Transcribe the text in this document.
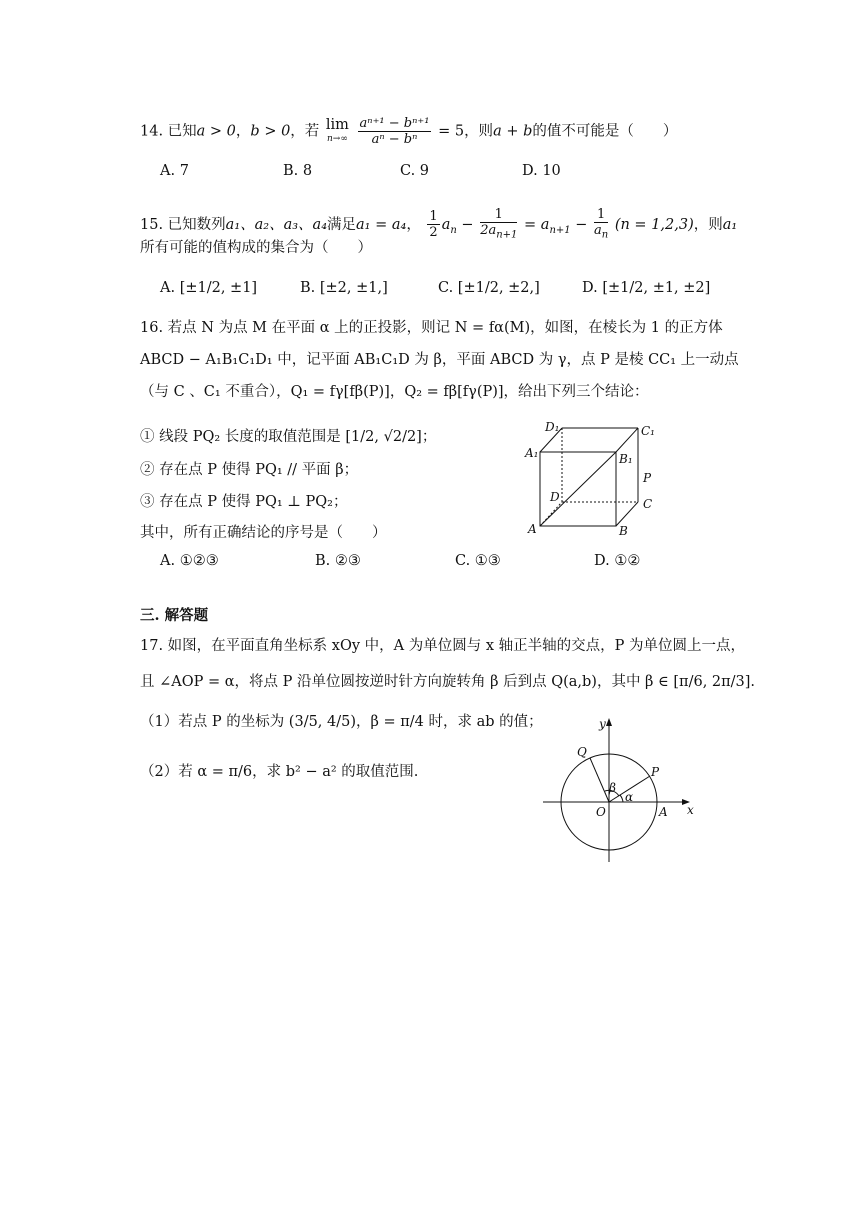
14. 已知a > 0，b > 0，若 lim
n→∞
$\frac{\text{aⁿ⁺¹ − bⁿ⁺¹}}{\text{aⁿ − bⁿ}} = 5$，则a + b的值不可能是（　　）
A. 7	B. 8	C. 9	D. 10
15. 已知数列a₁、a₂、a₃、a₄满足a₁ = a₄， $\frac{1}{2} a_n - \frac{1}{2a_{n+1}} = a_{n+1} - \frac{1}{a_n} (n = 1,2,3)$，则a₁
所有可能的值构成的集合为（　　）
A. [±1/2, ±1]	B. [±2, ±1,]	C. [±1/2, ±2,]	D. [±1/2, ±1, ±2]
16. 若点 N 为点 M 在平面 α 上的正投影，则记 N = fα(M)，如图，在棱长为 1 的正方体
ABCD − A₁B₁C₁D₁ 中，记平面 AB₁C₁D 为 β，平面 ABCD 为 γ，点 P 是棱 CC₁ 上一动点
（与 C 、C₁ 不重合），Q₁ = fγ[fβ(P)]，Q₂ = fβ[fγ(P)]，给出下列三个结论：
① 线段 PQ₂ 长度的取值范围是 [1/2, √2/2]；
② 存在点 P 使得 PQ₁ // 平面 β；
③ 存在点 P 使得 PQ₁ ⊥ PQ₂；
其中，所有正确结论的序号是（　　）
A. ①②③	B. ②③	C. ①③	D. ①②
D₁	C₁
A₁	B₁
P
C
D
A	B
三. 解答题
17. 如图，在平面直角坐标系 xOy 中，A 为单位圆与 x 轴正半轴的交点，P 为单位圆上一点，
且 ∠AOP = α，将点 P 沿单位圆按逆时针方向旋转角 β 后到点 Q(a,b)，其中 β ∈ [π/6, 2π/3].
（1）若点 P 的坐标为 (3/5, 4/5)，β = π/4 时，求 ab 的值；
（2）若 α = π/6，求 b² − a² 的取值范围.
y
x
Q
P
O	A
β
α
